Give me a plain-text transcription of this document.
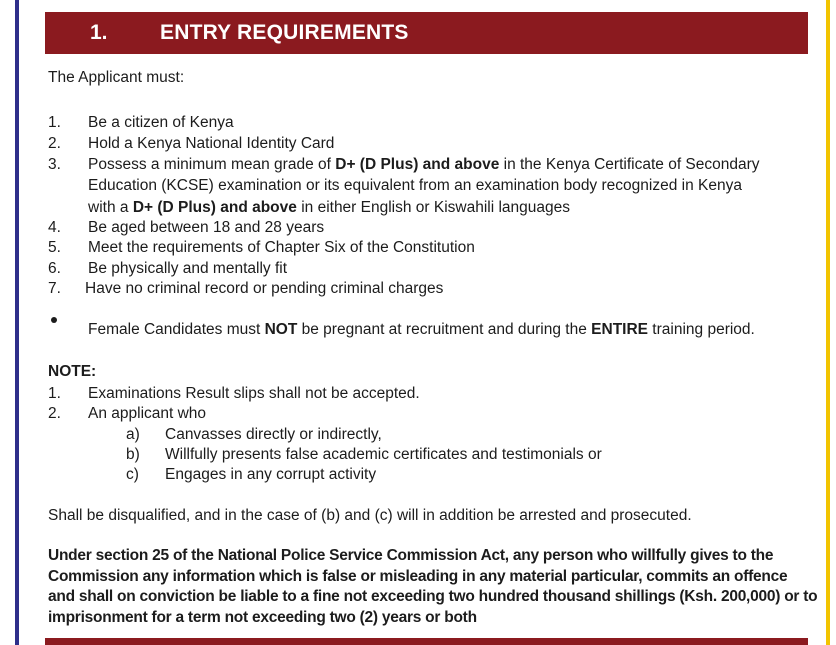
1.	ENTRY REQUIREMENTS
The Applicant must:
1. Be a citizen of Kenya
2. Hold a Kenya National Identity Card
3. Possess a minimum mean grade of D+ (D Plus) and above in the Kenya Certificate of Secondary
Education (KCSE) examination or its equivalent from an examination body recognized in Kenya
with a D+ (D Plus) and above in either English or Kiswahili languages
4. Be aged between 18 and 28 years
5. Meet the requirements of Chapter Six of the Constitution
6. Be physically and mentally fit
7. Have no criminal record or pending criminal charges
Female Candidates must NOT be pregnant at recruitment and during the ENTIRE training period.
NOTE:
1. Examinations Result slips shall not be accepted.
2. An applicant who
a) Canvasses directly or indirectly,
b) Willfully presents false academic certificates and testimonials or
c) Engages in any corrupt activity
Shall be disqualified, and in the case of (b) and (c) will in addition be arrested and prosecuted.
Under section 25 of the National Police Service Commission Act, any person who willfully gives to the
Commission any information which is false or misleading in any material particular, commits an offence
and shall on conviction be liable to a fine not exceeding two hundred thousand shillings (Ksh. 200,000) or to
imprisonment for a term not exceeding two (2) years or both
